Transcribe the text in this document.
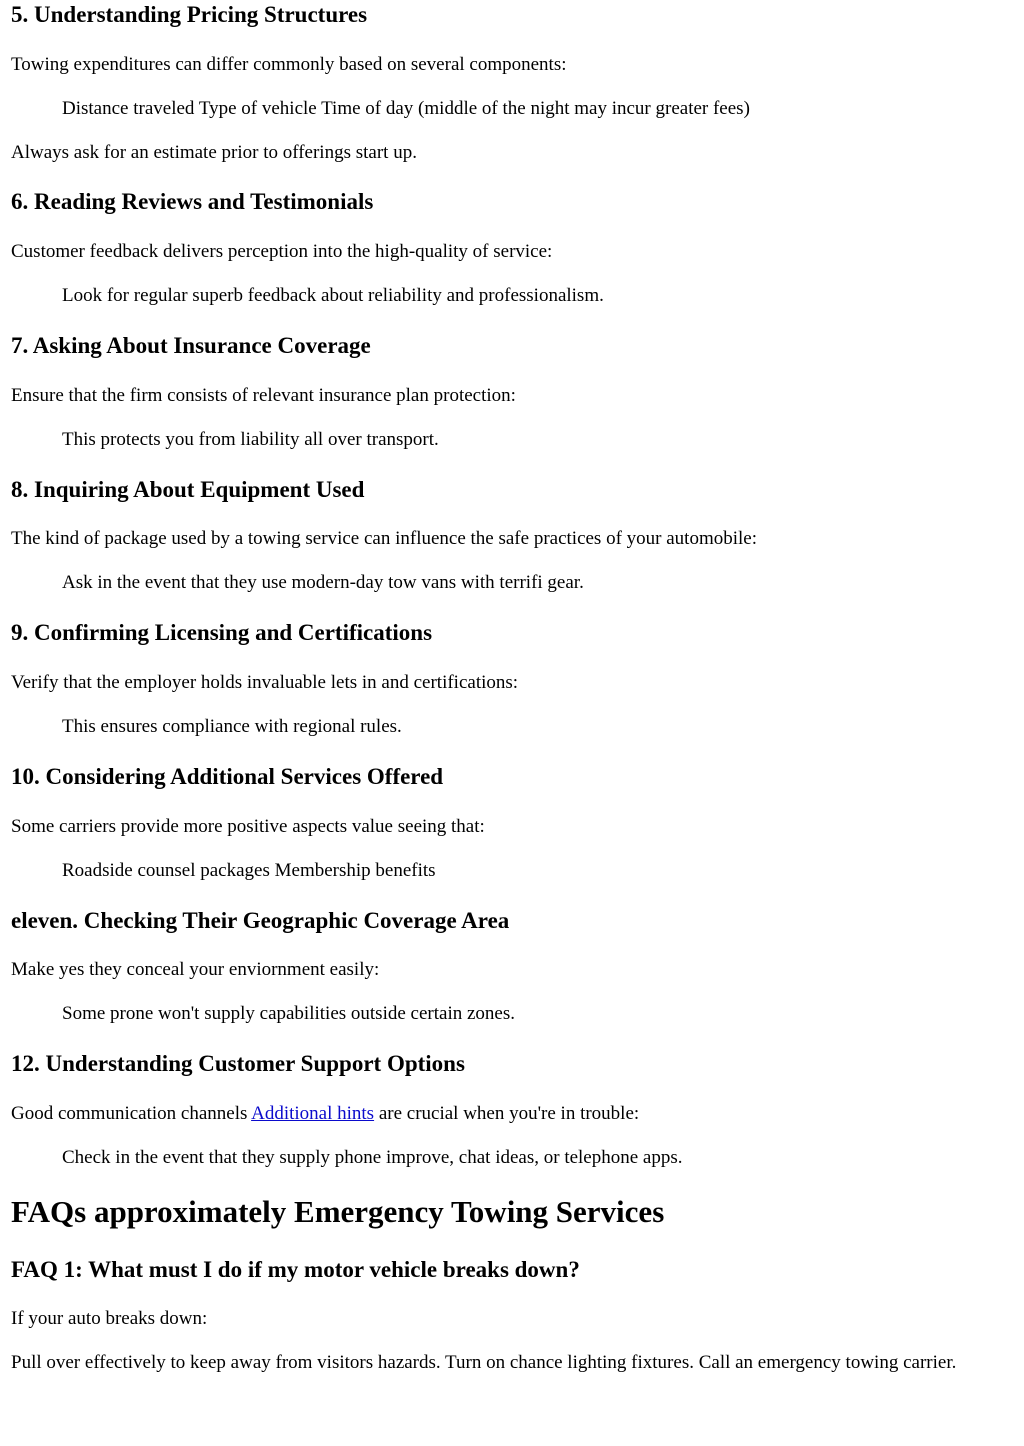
5. Understanding Pricing Structures

Towing expenditures can differ commonly based on several components:

Distance traveled Type of vehicle Time of day (middle of the night may incur greater fees)

Always ask for an estimate prior to offerings start up.

6. Reading Reviews and Testimonials

Customer feedback delivers perception into the high-quality of service:

Look for regular superb feedback about reliability and professionalism.

7. Asking About Insurance Coverage

Ensure that the firm consists of relevant insurance plan protection:

This protects you from liability all over transport.

8. Inquiring About Equipment Used

The kind of package used by a towing service can influence the safe practices of your automobile:

Ask in the event that they use modern-day tow vans with terrifi gear.

9. Confirming Licensing and Certifications

Verify that the employer holds invaluable lets in and certifications:

This ensures compliance with regional rules.

10. Considering Additional Services Offered

Some carriers provide more positive aspects value seeing that:

Roadside counsel packages Membership benefits

eleven. Checking Their Geographic Coverage Area

Make yes they conceal your enviornment easily:

Some prone won't supply capabilities outside certain zones.

12. Understanding Customer Support Options

Good communication channels Additional hints are crucial when you're in trouble:

Check in the event that they supply phone improve, chat ideas, or telephone apps.

FAQs approximately Emergency Towing Services
FAQ 1: What must I do if my motor vehicle breaks down?

If your auto breaks down:

Pull over effectively to keep away from visitors hazards. Turn on chance lighting fixtures. Call an emergency towing carrier.
